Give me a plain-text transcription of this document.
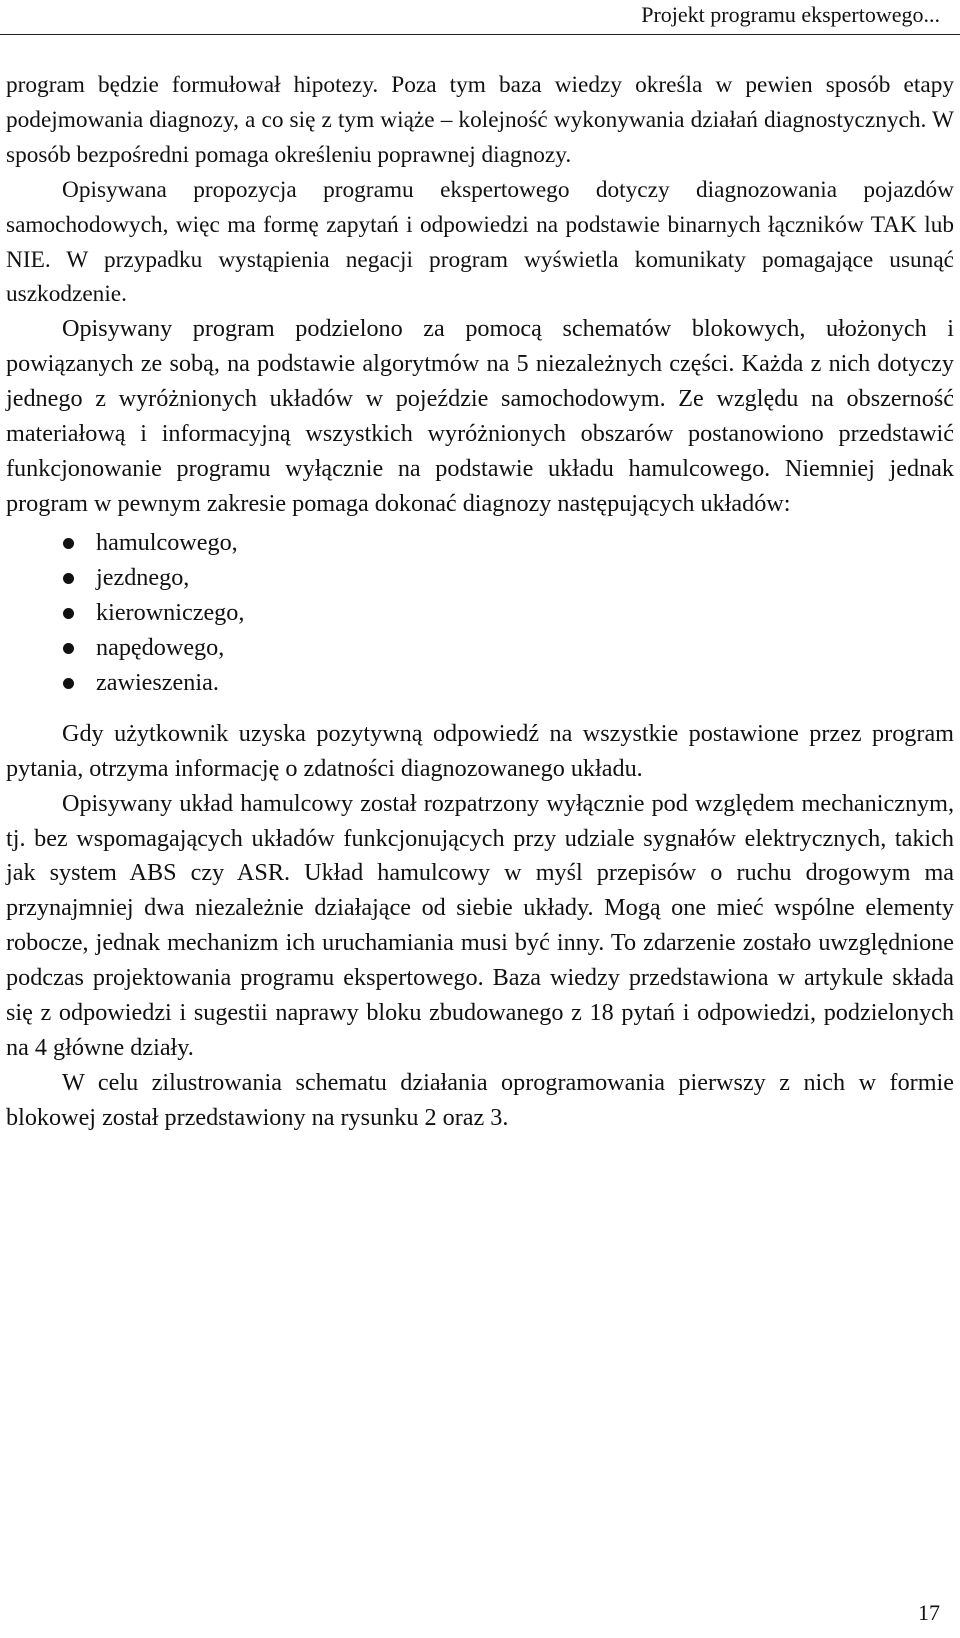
Projekt programu ekspertowego...

program będzie formułował hipotezy. Poza tym baza wiedzy określa w pewien sposób etapy podejmowania diagnozy, a co się z tym wiąże – kolejność wykonywania działań diagnostycznych. W sposób bezpośredni pomaga określeniu poprawnej diagnozy.

Opisywana propozycja programu ekspertowego dotyczy diagnozowania pojazdów samochodowych, więc ma formę zapytań i odpowiedzi na podstawie binarnych łączników TAK lub NIE. W przypadku wystąpienia negacji program wyświetla komunikaty pomagające usunąć uszkodzenie.

Opisywany program podzielono za pomocą schematów blokowych, ułożonych i powiązanych ze sobą, na podstawie algorytmów na 5 niezależnych części. Każda z nich dotyczy jednego z wyróżnionych układów w pojeździe samochodowym. Ze względu na obszerność materiałową i informacyjną wszystkich wyróżnionych obszarów postanowiono przedstawić funkcjonowanie programu wyłącznie na podstawie układu hamulcowego. Niemniej jednak program w pewnym zakresie pomaga dokonać diagnozy następujących układów:

hamulcowego,
jezdnego,
kierowniczego,
napędowego,
zawieszenia.

Gdy użytkownik uzyska pozytywną odpowiedź na wszystkie postawione przez program pytania, otrzyma informację o zdatności diagnozowanego układu.

Opisywany układ hamulcowy został rozpatrzony wyłącznie pod względem mechanicznym, tj. bez wspomagających układów funkcjonujących przy udziale sygnałów elektrycznych, takich jak system ABS czy ASR. Układ hamulcowy w myśl przepisów o ruchu drogowym ma przynajmniej dwa niezależnie działające od siebie układy. Mogą one mieć wspólne elementy robocze, jednak mechanizm ich uruchamiania musi być inny. To zdarzenie zostało uwzględnione podczas projektowania programu ekspertowego. Baza wiedzy przedstawiona w artykule składa się z odpowiedzi i sugestii naprawy bloku zbudowanego z 18 pytań i odpowiedzi, podzielonych na 4 główne działy.

W celu zilustrowania schematu działania oprogramowania pierwszy z nich w formie blokowej został przedstawiony na rysunku 2 oraz 3.

17
